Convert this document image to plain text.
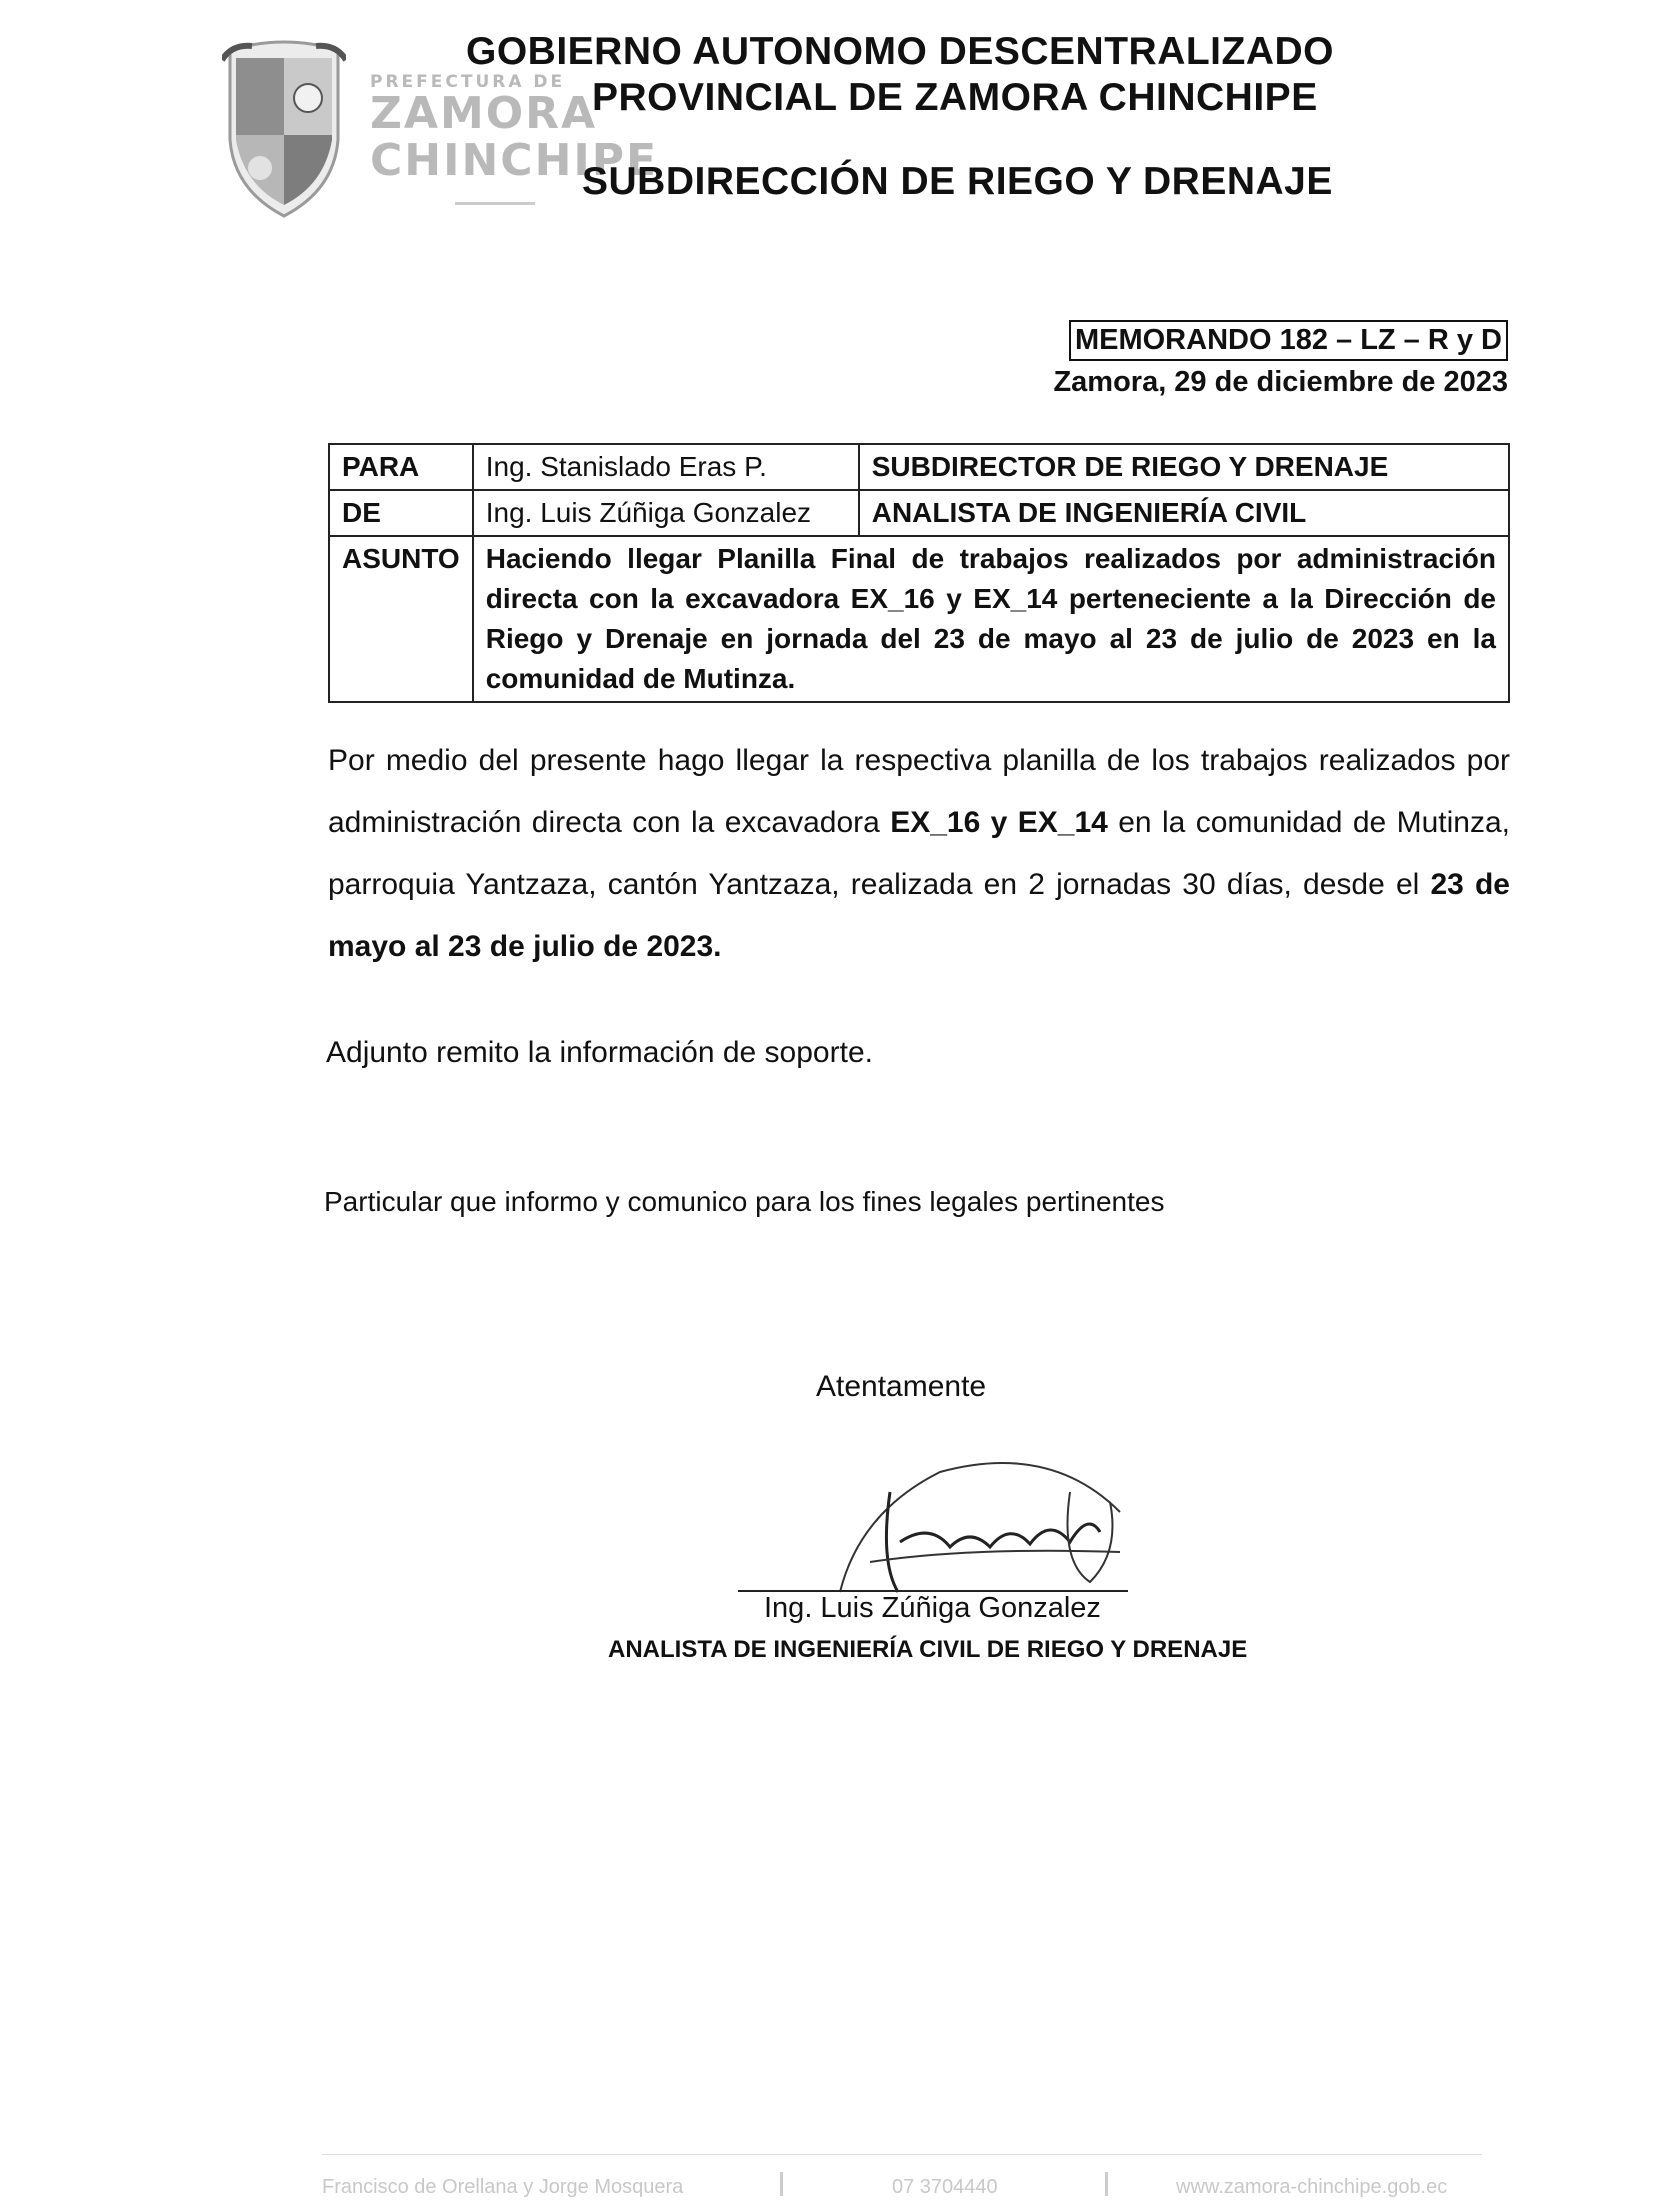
PREFECTURA DE
ZAMORA
CHINCHIPE
GOBIERNO AUTONOMO DESCENTRALIZADO
PROVINCIAL DE ZAMORA CHINCHIPE
SUBDIRECCIÓN DE RIEGO Y DRENAJE
MEMORANDO 182 – LZ – R y D
Zamora, 29 de diciembre de 2023
PARA	Ing. Stanislado Eras P.	SUBDIRECTOR DE RIEGO Y DRENAJE
DE	Ing. Luis Zúñiga Gonzalez	ANALISTA DE INGENIERÍA CIVIL
ASUNTO	Haciendo llegar Planilla Final de trabajos realizados por administración directa con la excavadora EX_16 y EX_14 perteneciente a la Dirección de Riego y Drenaje en jornada del 23 de mayo al 23 de julio de 2023 en la comunidad de Mutinza.	
Por medio del presente hago llegar la respectiva planilla de los trabajos realizados por administración directa con la excavadora EX_16 y EX_14 en la comunidad de Mutinza, parroquia Yantzaza, cantón Yantzaza, realizada en 2 jornadas 30 días, desde el 23 de mayo al 23 de julio de 2023.
Adjunto remito la información de soporte.
Particular que informo y comunico para los fines legales pertinentes
Atentamente
Ing. Luis Zúñiga Gonzalez
ANALISTA DE INGENIERÍA CIVIL DE RIEGO Y DRENAJE
Francisco de Orellana y Jorge Mosquera	07 3704440	www.zamora-chinchipe.gob.ec
